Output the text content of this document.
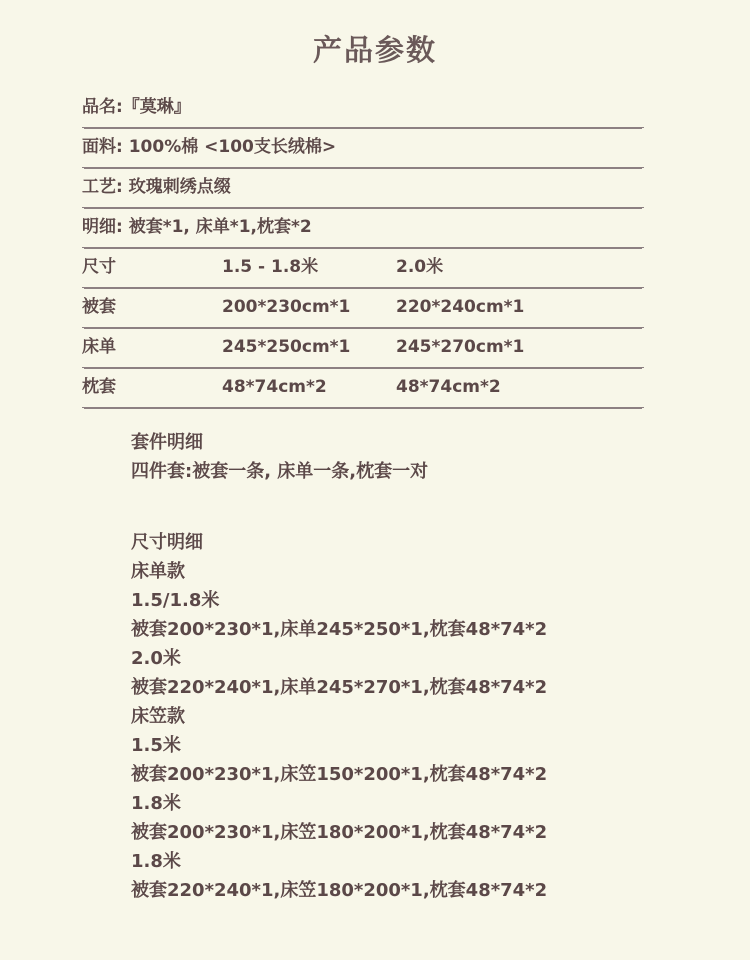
产品参数
品名:『莫琳』
面料: 100%棉 <100支长绒棉>
工艺: 玫瑰刺绣点缀
明细: 被套*1, 床单*1,枕套*2
尺寸	1.5 - 1.8米	2.0米
被套	200*230cm*1	220*240cm*1
床单	245*250cm*1	245*270cm*1
枕套	48*74cm*2	48*74cm*2
套件明细
四件套:被套一条, 床单一条,枕套一对
尺寸明细
床单款
1.5/1.8米
被套200*230*1,床单245*250*1,枕套48*74*2
2.0米
被套220*240*1,床单245*270*1,枕套48*74*2
床笠款
1.5米
被套200*230*1,床笠150*200*1,枕套48*74*2
1.8米
被套200*230*1,床笠180*200*1,枕套48*74*2
1.8米
被套220*240*1,床笠180*200*1,枕套48*74*2
